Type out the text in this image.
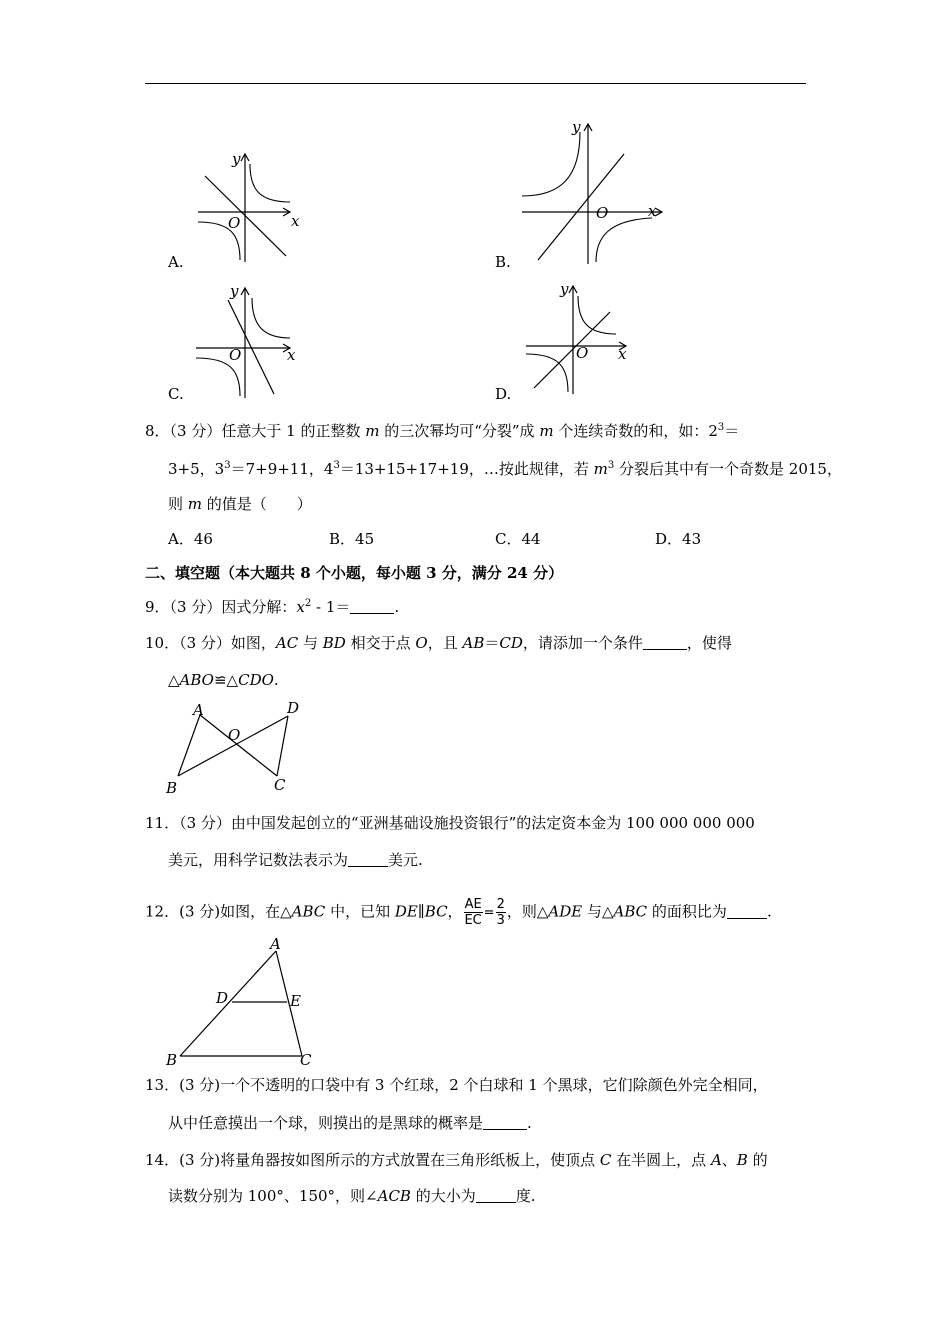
y
x
O
A.
y
x
O
B.
y
x
O
C.
y
x
O
D.
8．（3 分）任意大于 1 的正整数 m 的三次幂均可“分裂”成 m 个连续奇数的和，如：$2^3=$
3+5，$3^3=7+9+11$，$4^3=13+15+17+19$，…按此规律，若 $m^3$ 分裂后其中有一个奇数是 2015，
则 m 的值是（　　）
A．46	B．45	C．44	D．43
二、填空题（本大题共 8 个小题，每小题 3 分，满分 24 分）
9．（3 分）因式分解：$x^2 - 1=$	.
10．（3 分）如图，AC 与 BD 相交于点 O，且 AB＝CD，请添加一个条件	，使得
△ABO≌△CDO.
A
B	C
D
O
11．（3 分）由中国发起创立的“亚洲基础设施投资银行”的法定资本金为 100 000 000 000
美元，用科学记数法表示为	美元.
12．(3 分)如图，在△ABC 中，已知 DE∥BC， $\frac{AE}{EC} = \frac{2}{3}$ ，则△ADE 与△ABC 的面积比为	.
A
B	C
D	E
13．(3 分)一个不透明的口袋中有 3 个红球，2 个白球和 1 个黑球，它们除颜色外完全相同，
从中任意摸出一个球，则摸出的是黑球的概率是	.
14．(3 分)将量角器按如图所示的方式放置在三角形纸板上，使顶点 C 在半圆上，点 A、B 的
读数分别为 100°、150°，则∠ACB 的大小为	度.
